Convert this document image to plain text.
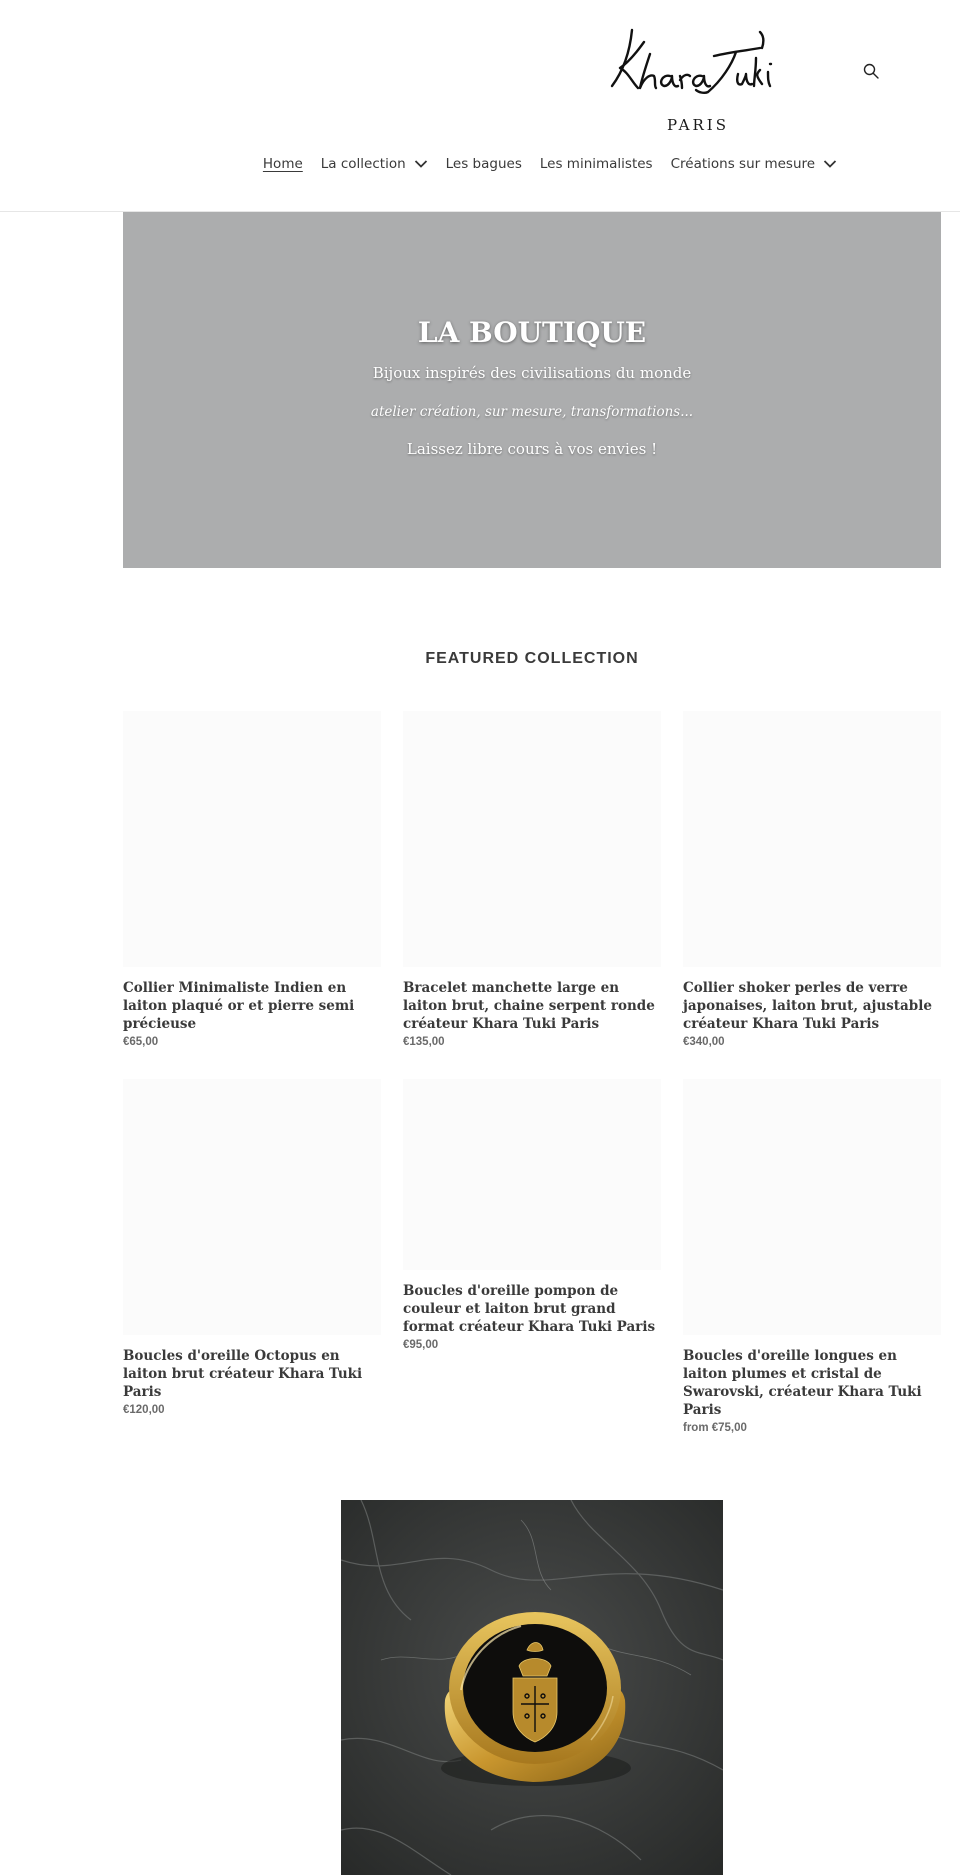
PARIS
Home La collection	Les bagues Les minimalistes Créations sur mesure
LA BOUTIQUE
Bijoux inspirés des civilisations du monde
atelier création, sur mesure, transformations...
Laissez libre cours à vos envies !
FEATURED COLLECTION
Collier Minimaliste Indien en laiton plaqué or et pierre semi précieuse
€65,00
Bracelet manchette large en laiton brut, chaine serpent ronde créateur Khara Tuki Paris
€135,00
Collier shoker perles de verre japonaises, laiton brut, ajustable créateur Khara Tuki Paris
€340,00
Boucles d'oreille Octopus en laiton brut créateur Khara Tuki Paris
€120,00
Boucles d'oreille pompon de couleur et laiton brut grand format créateur Khara Tuki Paris
€95,00
Boucles d'oreille longues en laiton plumes et cristal de Swarovski, créateur Khara Tuki Paris
from €75,00
